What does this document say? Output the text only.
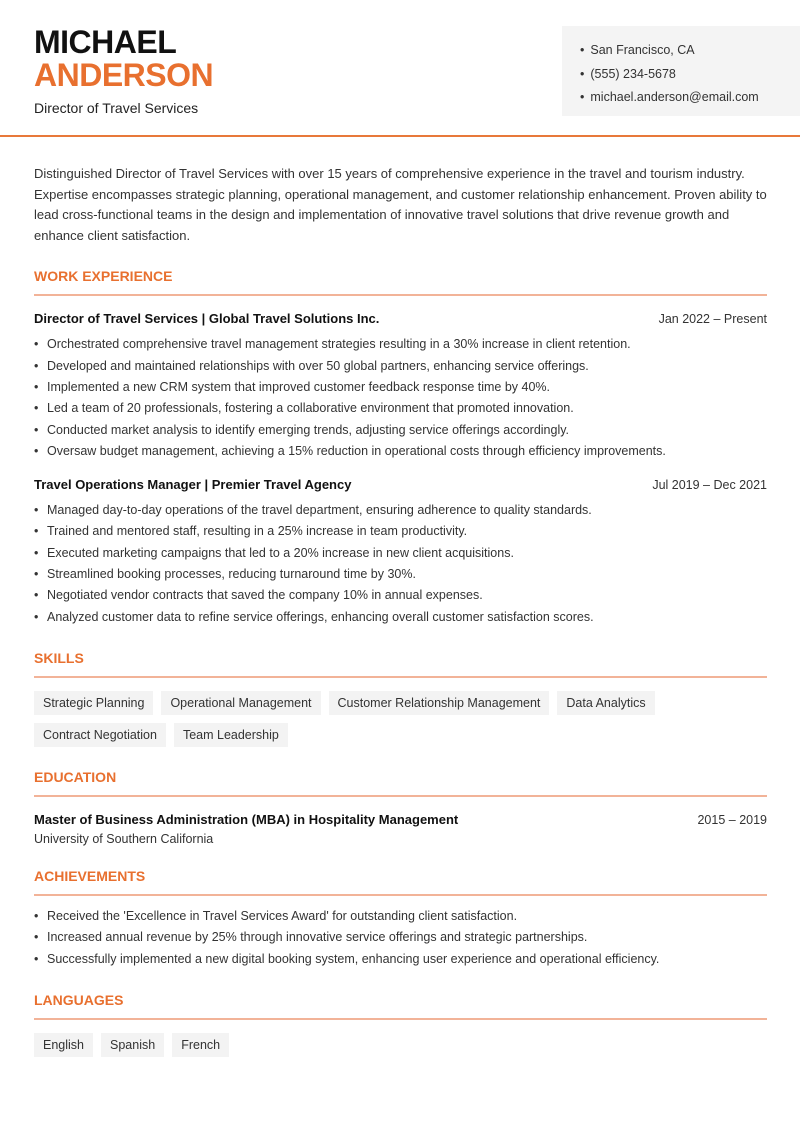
MICHAEL
ANDERSON
Director of Travel Services
• San Francisco, CA
• (555) 234-5678
• michael.anderson@email.com

Distinguished Director of Travel Services with over 15 years of comprehensive experience in the travel and tourism industry. Expertise encompasses strategic planning, operational management, and customer relationship enhancement. Proven ability to lead cross-functional teams in the design and implementation of innovative travel solutions that drive revenue growth and enhance client satisfaction.

WORK EXPERIENCE
Director of Travel Services | Global Travel Solutions Inc.	Jan 2022 – Present
• Orchestrated comprehensive travel management strategies resulting in a 30% increase in client retention.
• Developed and maintained relationships with over 50 global partners, enhancing service offerings.
• Implemented a new CRM system that improved customer feedback response time by 40%.
• Led a team of 20 professionals, fostering a collaborative environment that promoted innovation.
• Conducted market analysis to identify emerging trends, adjusting service offerings accordingly.
• Oversaw budget management, achieving a 15% reduction in operational costs through efficiency improvements.
Travel Operations Manager | Premier Travel Agency	Jul 2019 – Dec 2021
• Managed day-to-day operations of the travel department, ensuring adherence to quality standards.
• Trained and mentored staff, resulting in a 25% increase in team productivity.
• Executed marketing campaigns that led to a 20% increase in new client acquisitions.
• Streamlined booking processes, reducing turnaround time by 30%.
• Negotiated vendor contracts that saved the company 10% in annual expenses.
• Analyzed customer data to refine service offerings, enhancing overall customer satisfaction scores.
SKILLS
Strategic Planning	Operational Management	Customer Relationship Management	Data Analytics
Contract Negotiation	Team Leadership
EDUCATION
Master of Business Administration (MBA) in Hospitality Management	2015 – 2019
University of Southern California
ACHIEVEMENTS
• Received the 'Excellence in Travel Services Award' for outstanding client satisfaction.
• Increased annual revenue by 25% through innovative service offerings and strategic partnerships.
• Successfully implemented a new digital booking system, enhancing user experience and operational efficiency.
LANGUAGES
English	Spanish	French
